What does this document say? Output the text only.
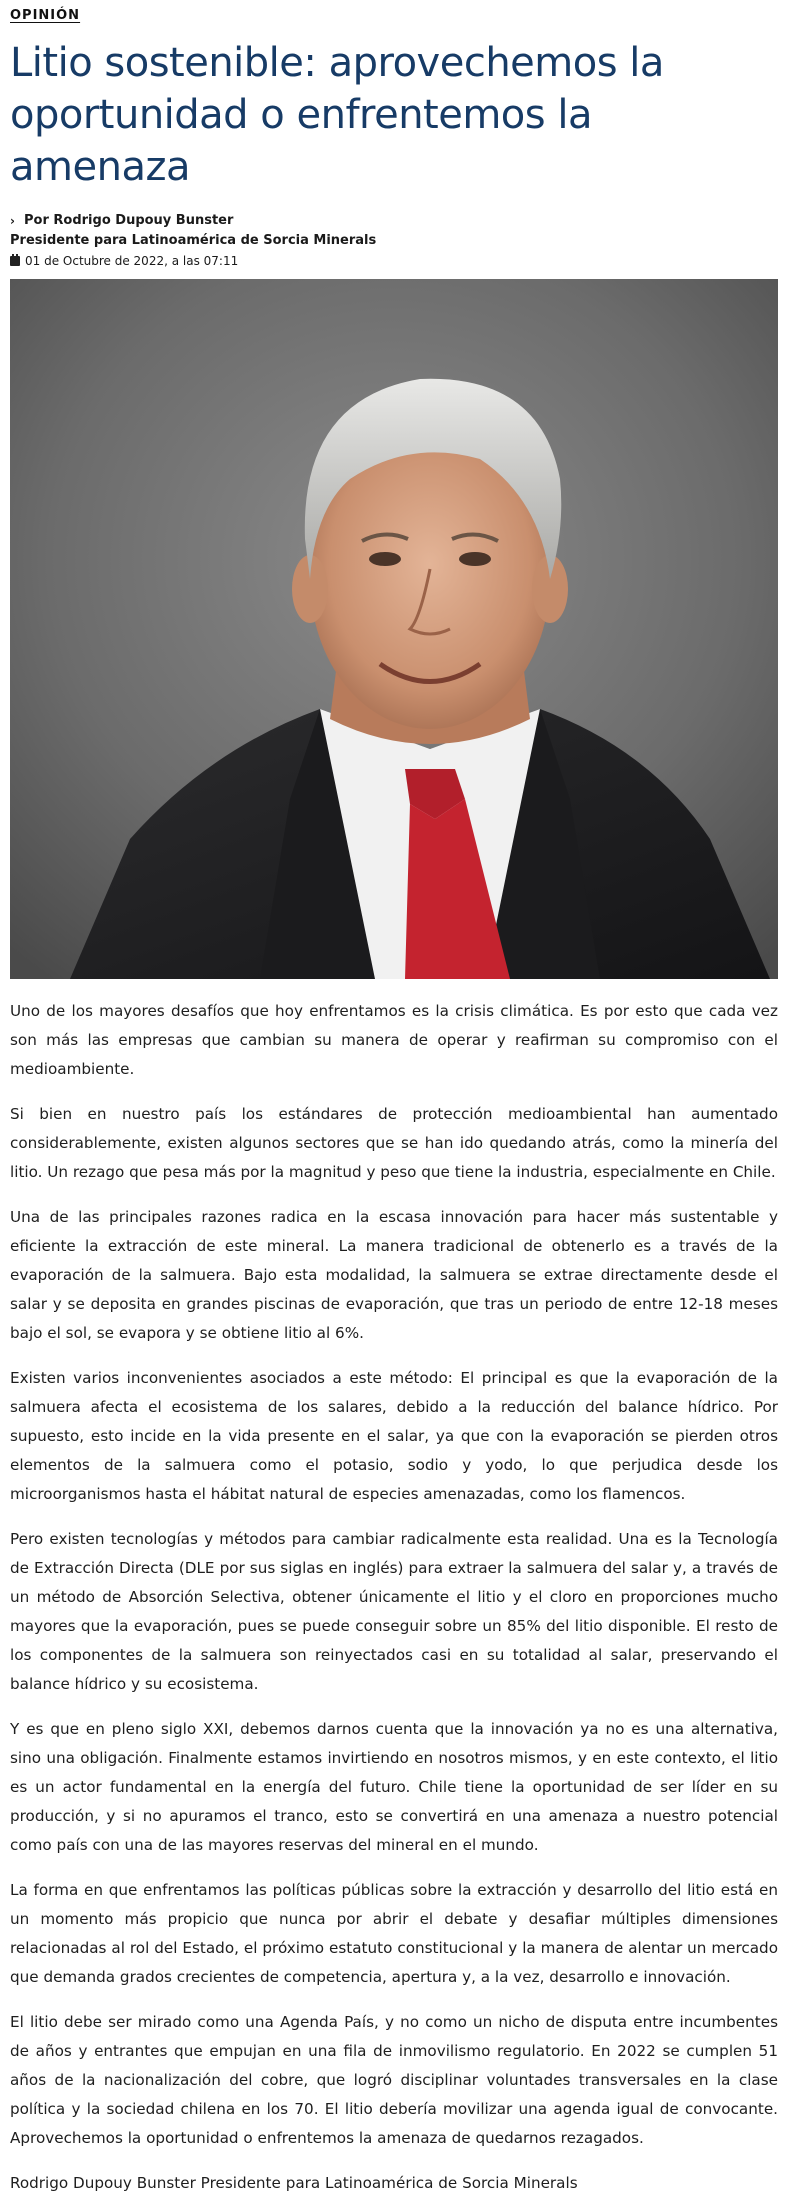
OPINIÓN
Litio sostenible: aprovechemos la oportunidad o enfrentemos la amenaza
› Por Rodrigo Dupouy Bunster
Presidente para Latinoamérica de Sorcia Minerals
01 de Octubre de 2022, a las 07:11

Uno de los mayores desafíos que hoy enfrentamos es la crisis climática. Es por esto que cada vez son más las empresas que cambian su manera de operar y reafirman su compromiso con el medioambiente.

Si bien en nuestro país los estándares de protección medioambiental han aumentado considerablemente, existen algunos sectores que se han ido quedando atrás, como la minería del litio. Un rezago que pesa más por la magnitud y peso que tiene la industria, especialmente en Chile.

Una de las principales razones radica en la escasa innovación para hacer más sustentable y eficiente la extracción de este mineral. La manera tradicional de obtenerlo es a través de la evaporación de la salmuera. Bajo esta modalidad, la salmuera se extrae directamente desde el salar y se deposita en grandes piscinas de evaporación, que tras un periodo de entre 12-18 meses bajo el sol, se evapora y se obtiene litio al 6%.

Existen varios inconvenientes asociados a este método: El principal es que la evaporación de la salmuera afecta el ecosistema de los salares, debido a la reducción del balance hídrico. Por supuesto, esto incide en la vida presente en el salar, ya que con la evaporación se pierden otros elementos de la salmuera como el potasio, sodio y yodo, lo que perjudica desde los microorganismos hasta el hábitat natural de especies amenazadas, como los flamencos.

Pero existen tecnologías y métodos para cambiar radicalmente esta realidad. Una es la Tecnología de Extracción Directa (DLE por sus siglas en inglés) para extraer la salmuera del salar y, a través de un método de Absorción Selectiva, obtener únicamente el litio y el cloro en proporciones mucho mayores que la evaporación, pues se puede conseguir sobre un 85% del litio disponible. El resto de los componentes de la salmuera son reinyectados casi en su totalidad al salar, preservando el balance hídrico y su ecosistema.

Y es que en pleno siglo XXI, debemos darnos cuenta que la innovación ya no es una alternativa, sino una obligación. Finalmente estamos invirtiendo en nosotros mismos, y en este contexto, el litio es un actor fundamental en la energía del futuro. Chile tiene la oportunidad de ser líder en su producción, y si no apuramos el tranco, esto se convertirá en una amenaza a nuestro potencial como país con una de las mayores reservas del mineral en el mundo.

La forma en que enfrentamos las políticas públicas sobre la extracción y desarrollo del litio está en un momento más propicio que nunca por abrir el debate y desafiar múltiples dimensiones relacionadas al rol del Estado, el próximo estatuto constitucional y la manera de alentar un mercado que demanda grados crecientes de competencia, apertura y, a la vez, desarrollo e innovación.

El litio debe ser mirado como una Agenda País, y no como un nicho de disputa entre incumbentes de años y entrantes que empujan en una fila de inmovilismo regulatorio. En 2022 se cumplen 51 años de la nacionalización del cobre, que logró disciplinar voluntades transversales en la clase política y la sociedad chilena en los 70. El litio debería movilizar una agenda igual de convocante. Aprovechemos la oportunidad o enfrentemos la amenaza de quedarnos rezagados.

Rodrigo Dupouy Bunster Presidente para Latinoamérica de Sorcia Minerals
